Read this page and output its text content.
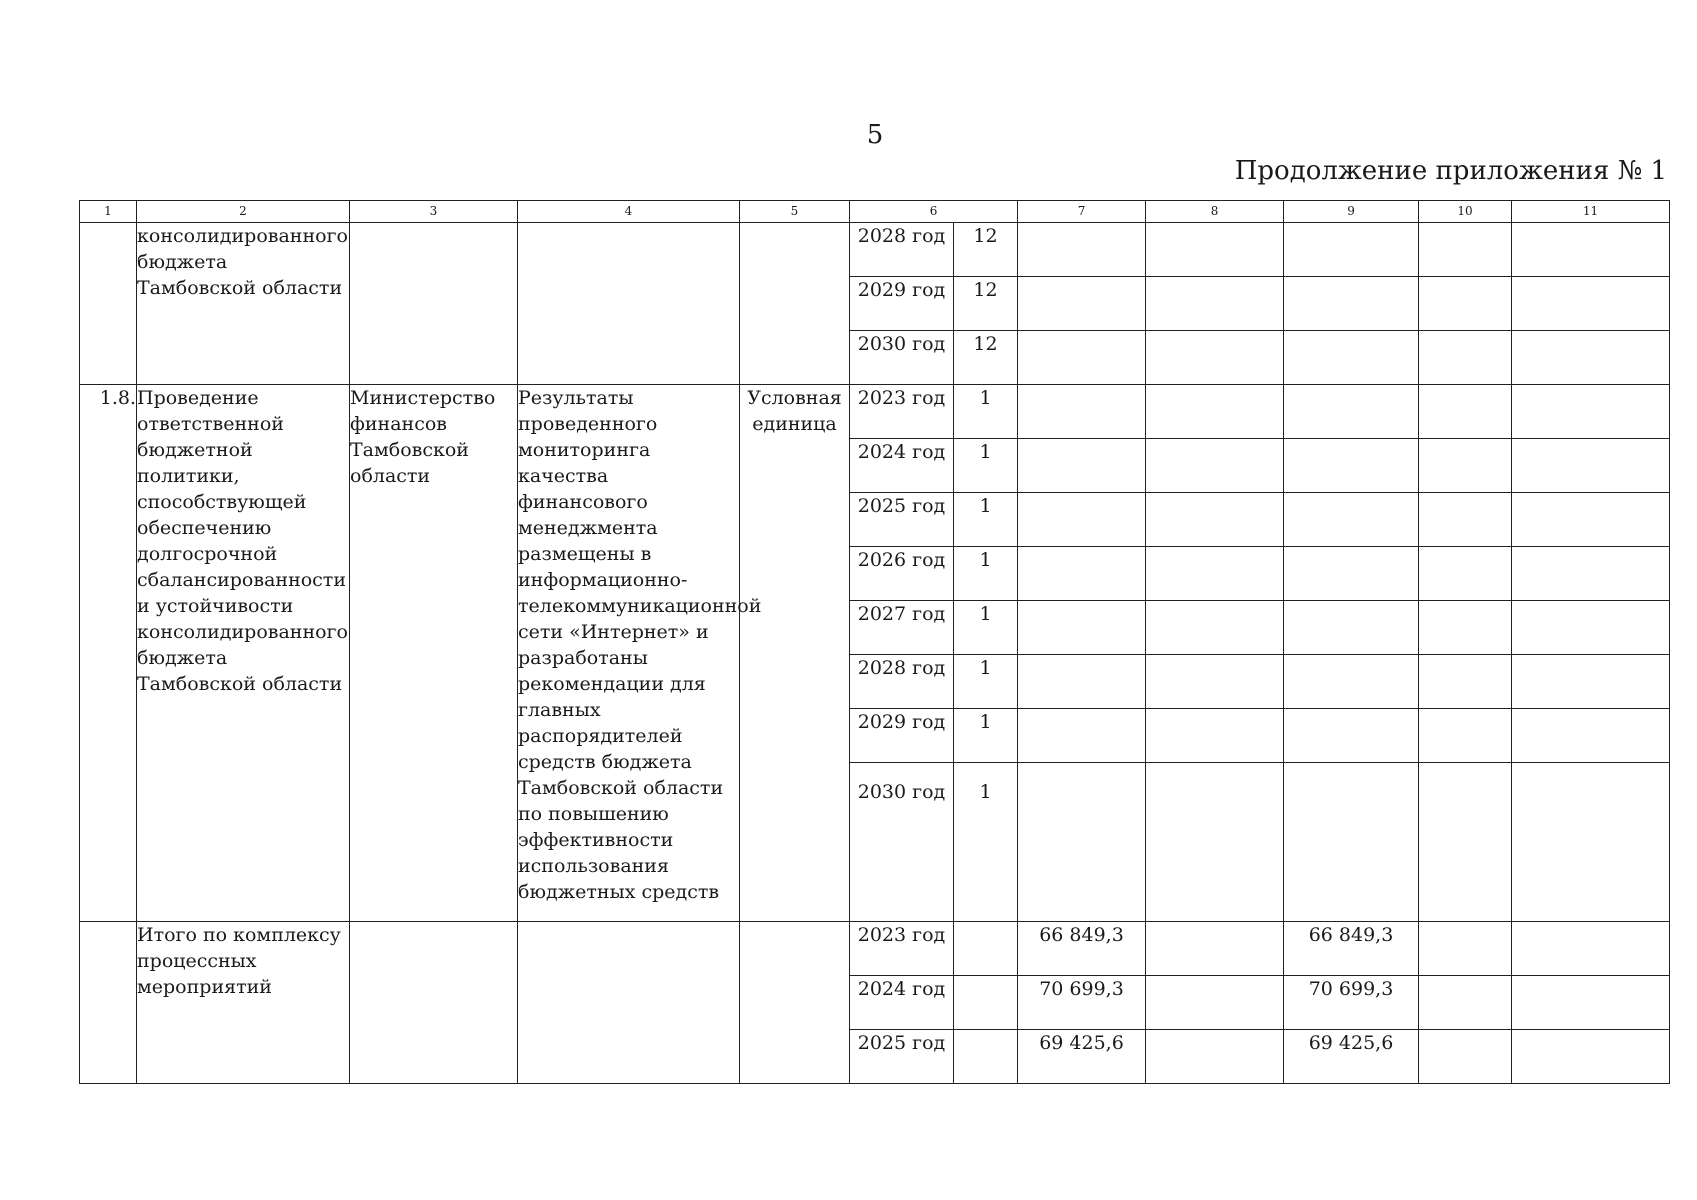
5
Продолжение приложения № 1
1	2	3	4	5	6		7	8	9	10	11
	консолидированного бюджета Тамбовской области				2028 год	12					
					2029 год	12					
					2030 год	12					
1.8.	Проведение ответственной бюджетной политики, способствующей обеспечению долгосрочной сбалансированности и устойчивости консолидированного бюджета Тамбовской области	Министерство финансов Тамбовской области	Результаты проведенного мониторинга качества финансового менеджмента размещены в информационно-телекоммуникационной сети «Интернет» и разработаны рекомендации для главных распорядителей средств бюджета Тамбовской области по повышению эффективности использования бюджетных средств	Условная единица	2023 год	1					
					2024 год	1					
					2025 год	1					
					2026 год	1					
					2027 год	1					
					2028 год	1					
					2029 год	1					
					2030 год	1					
	Итого по комплексу процессных мероприятий				2023 год		66 849,3		66 849,3		
					2024 год		70 699,3		70 699,3		
					2025 год		69 425,6		69 425,6		
